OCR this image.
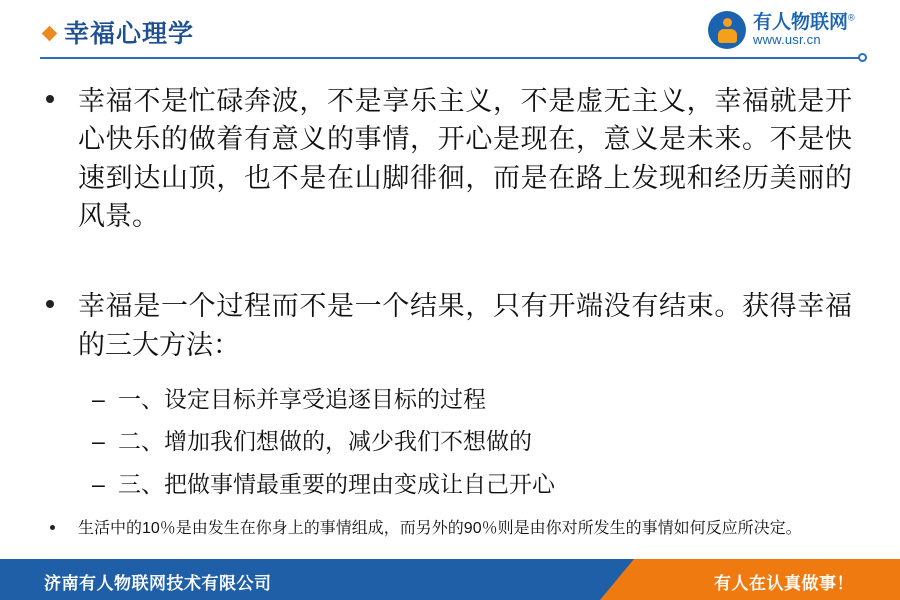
幸福心理学	有人物联网®
www.usr.cn
幸福不是忙碌奔波，不是享乐主义，不是虚无主义，幸福就是开心快乐的做着有意义的事情，开心是现在，意义是未来。不是快速到达山顶，也不是在山脚徘徊，而是在路上发现和经历美丽的风景。
幸福是一个过程而不是一个结果，只有开端没有结束。获得幸福的三大方法：
– 一、设定目标并享受追逐目标的过程
– 二、增加我们想做的，减少我们不想做的
– 三、把做事情最重要的理由变成让自己开心
生活中的10％是由发生在你身上的事情组成，而另外的90％则是由你对所发生的事情如何反应所决定。
济南有人物联网技术有限公司	有人在认真做事！
